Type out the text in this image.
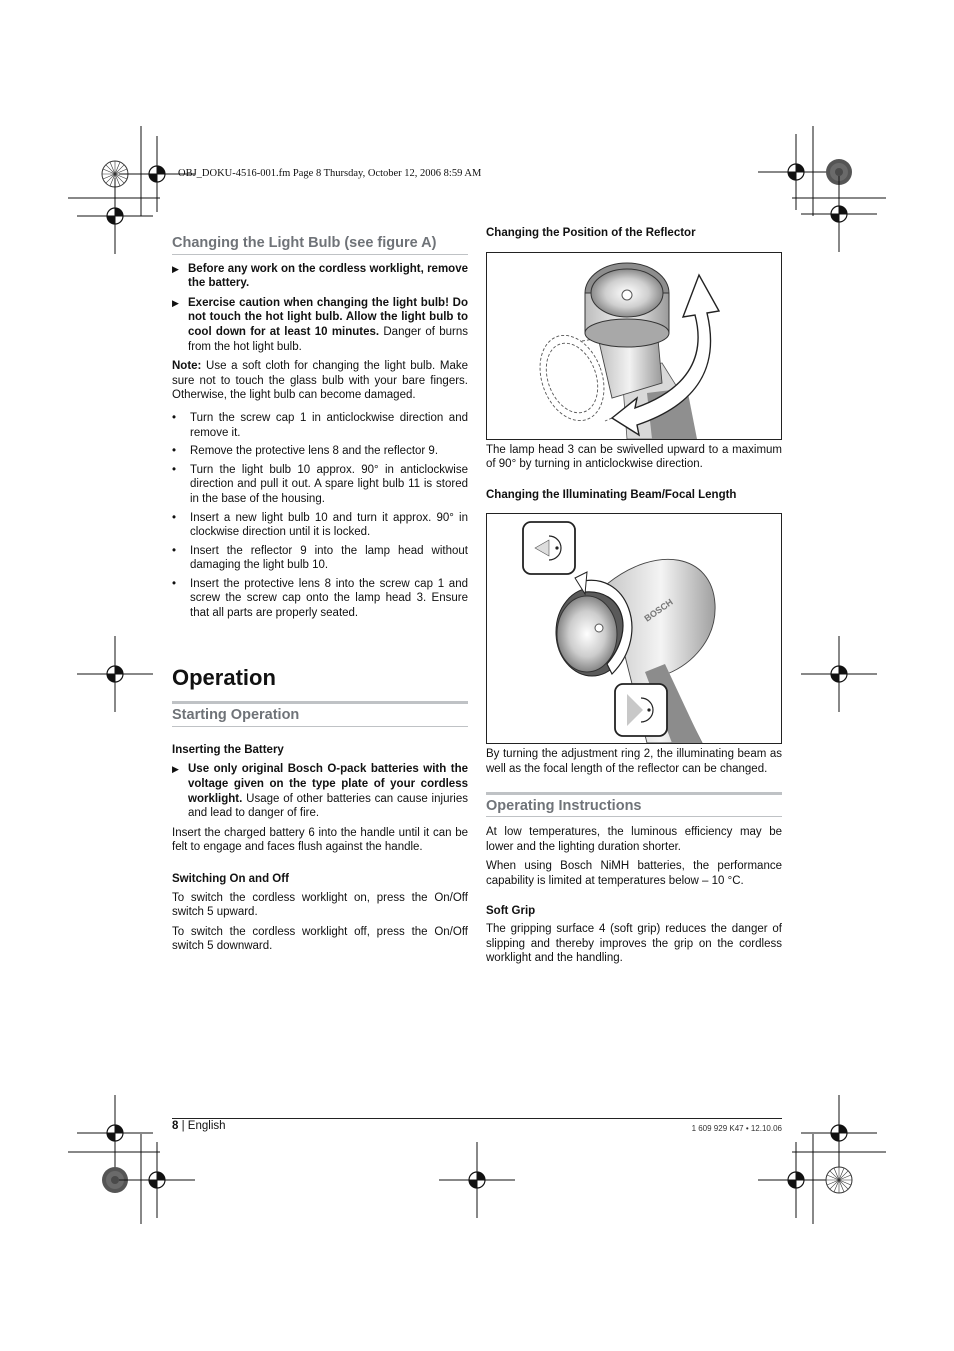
OBJ_DOKU-4516-001.fm Page 8 Thursday, October 12, 2006 8:59 AM
Changing the Light Bulb (see figure A)
▶ Before any work on the cordless worklight, remove the battery.
▶ Exercise caution when changing the light bulb! Do not touch the hot light bulb. Allow the light bulb to cool down for at least 10 minutes. Danger of burns from the hot light bulb.

Note: Use a soft cloth for changing the light bulb. Make sure not to touch the glass bulb with your bare fingers. Otherwise, the light bulb can become damaged.

•	Turn the screw cap 1 in anticlockwise direction and remove it.
•	Remove the protective lens 8 and the reflector 9.
•	Turn the light bulb 10 approx. 90° in anticlockwise direction and pull it out. A spare light bulb 11 is stored in the base of the housing.
•	Insert a new light bulb 10 and turn it approx. 90° in clockwise direction until it is locked.
•	Insert the reflector 9 into the lamp head without damaging the light bulb 10.
•	Insert the protective lens 8 into the screw cap 1 and screw the screw cap onto the lamp head 3. Ensure that all parts are properly seated.
Operation
Starting Operation
Inserting the Battery
▶ Use only original Bosch O-pack batteries with the voltage given on the type plate of your cordless worklight. Usage of other batteries can cause injuries and lead to danger of fire.

Insert the charged battery 6 into the handle until it can be felt to engage and faces flush against the handle.

Switching On and Off

To switch the cordless worklight on, press the On/Off switch 5 upward.

To switch the cordless worklight off, press the On/Off switch 5 downward.

Changing the Position of the Reflector

The lamp head 3 can be swivelled upward to a maximum of 90° by turning in anticlockwise direction.

Changing the Illuminating Beam/Focal Length
BOSCH

By turning the adjustment ring 2, the illuminating beam as well as the focal length of the reflector can be changed.

Operating Instructions

At low temperatures, the luminous efficiency may be lower and the lighting duration shorter.

When using Bosch NiMH batteries, the performance capability is limited at temperatures below – 10 °C.

Soft Grip

The gripping surface 4 (soft grip) reduces the danger of slipping and thereby improves the grip on the cordless worklight and the handling.

8 | English	1 609 929 K47 • 12.10.06
